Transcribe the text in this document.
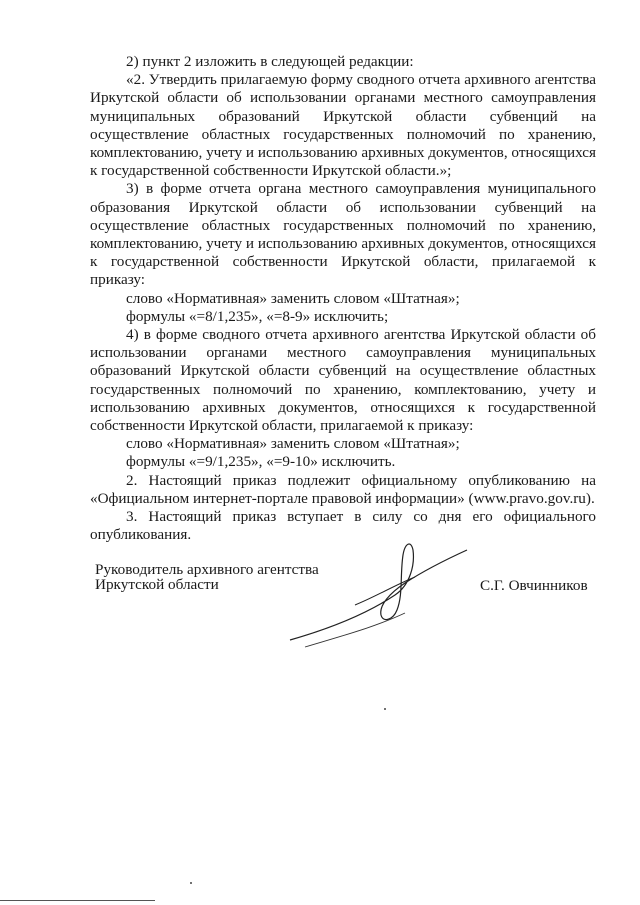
2) пункт 2 изложить в следующей редакции:

«2. Утвердить прилагаемую форму сводного отчета архивного агентства Иркутской области об использовании органами местного самоуправления муниципальных образований Иркутской области субвенций на осуществление областных государственных полномочий по хранению, комплектованию, учету и использованию архивных документов, относящихся к государственной собственности Иркутской области.»;

3) в форме отчета органа местного самоуправления муниципального образования Иркутской области об использовании субвенций на осуществление областных государственных полномочий по хранению, комплектованию, учету и использованию архивных документов, относящихся к государственной собственности Иркутской области, прилагаемой к приказу:

слово «Нормативная» заменить словом «Штатная»;

формулы «=8/1,235», «=8-9» исключить;

4) в форме сводного отчета архивного агентства Иркутской области об использовании органами местного самоуправления муниципальных образований Иркутской области субвенций на осуществление областных государственных полномочий по хранению, комплектованию, учету и использованию архивных документов, относящихся к государственной собственности Иркутской области, прилагаемой к приказу:

слово «Нормативная» заменить словом «Штатная»;

формулы «=9/1,235», «=9-10» исключить.

2. Настоящий приказ подлежит официальному опубликованию на «Официальном интернет-портале правовой информации» (www.pravo.gov.ru).

3. Настоящий приказ вступает в силу со дня его официального опубликования.

Руководитель архивного агентства
Иркутской области	С.Г. Овчинников
